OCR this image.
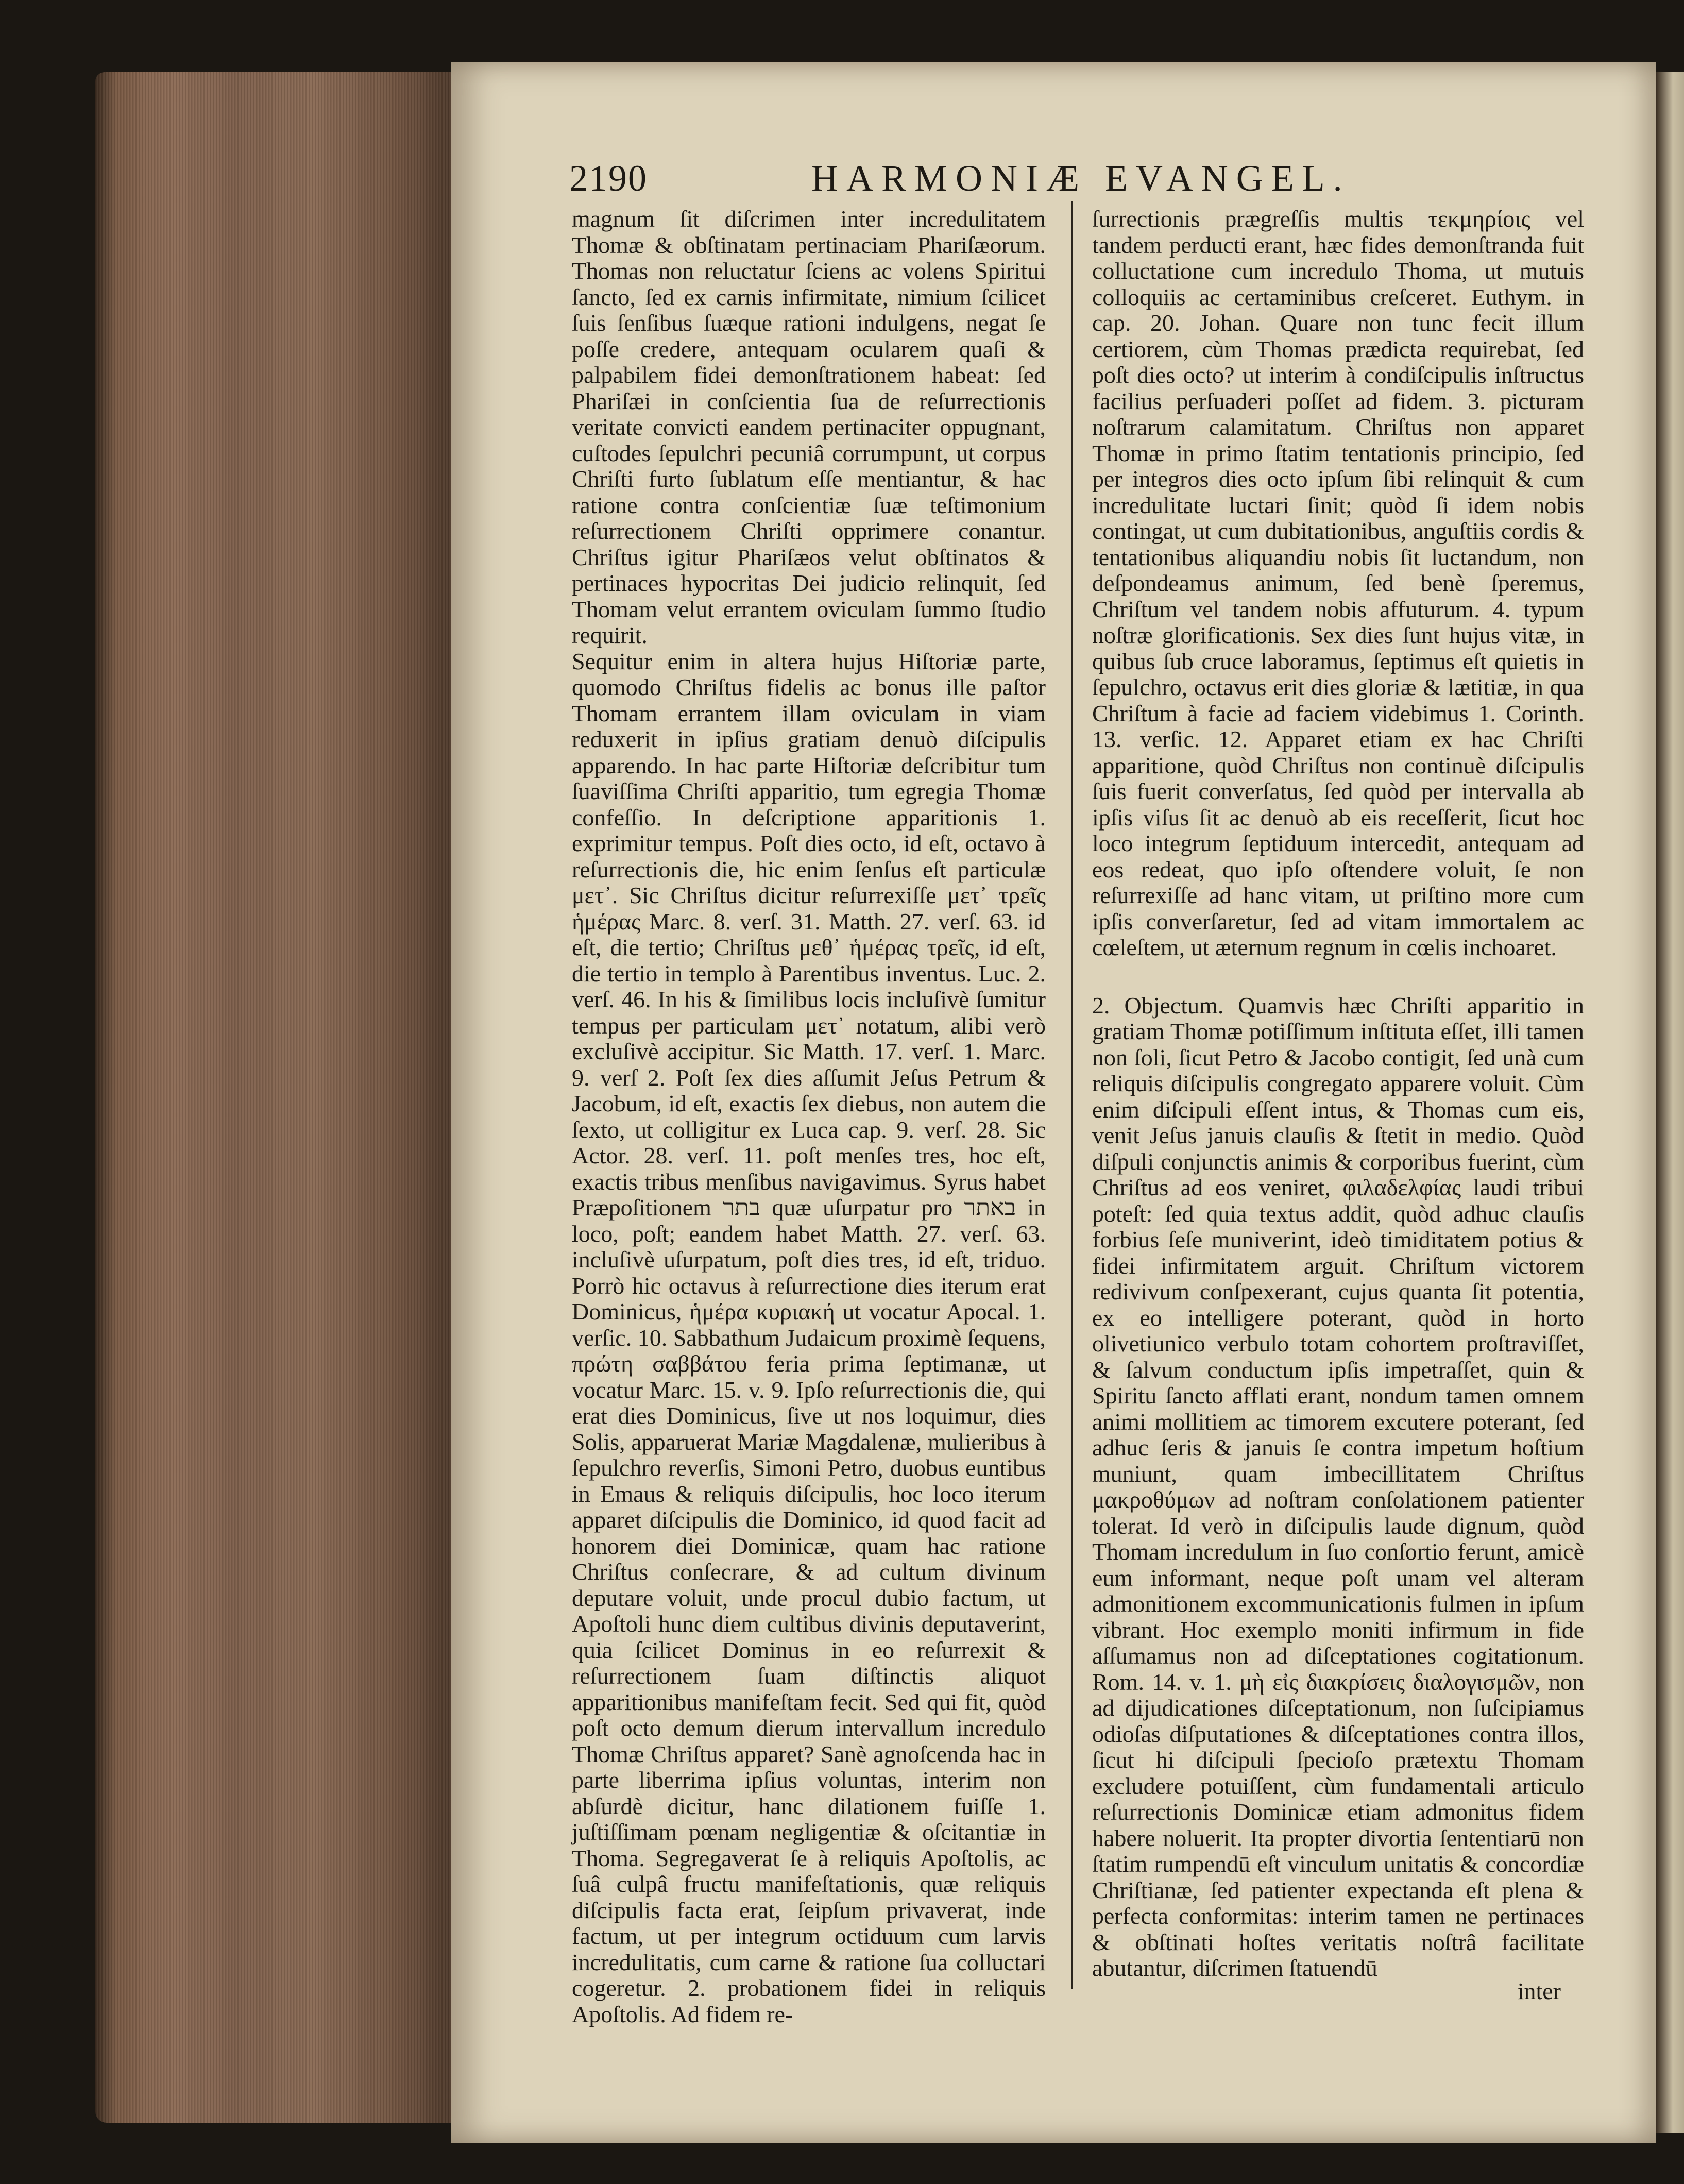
2190	HARMONIÆ EVANGEL.

magnum ſit diſcrimen inter incredulitatem Thomæ & obſtinatam pertinaciam Phariſæorum. Thomas non reluctatur ſciens ac volens Spiritui ſancto, ſed ex carnis infirmitate, nimium ſcilicet ſuis ſenſibus ſuæque rationi indulgens, negat ſe poſſe credere, antequam ocularem quaſi & palpabilem fidei demonſtrationem habeat: ſed Phariſæi in conſcientia ſua de reſurrectionis veritate convicti eandem pertinaciter oppugnant, cuſtodes ſepulchri pecuniâ corrumpunt, ut corpus Chriſti furto ſublatum eſſe mentiantur, & hac ratione contra conſcientiæ ſuæ teſtimonium reſurrectionem Chriſti opprimere conantur. Chriſtus igitur Phariſæos velut obſtinatos & pertinaces hypocritas Dei judicio relinquit, ſed Thomam velut errantem oviculam ſummo ſtudio requirit.

Sequitur enim in altera hujus Hiſtoriæ parte, quomodo Chriſtus fidelis ac bonus ille paſtor Thomam errantem illam oviculam in viam reduxerit in ipſius gratiam denuò diſcipulis apparendo. In hac parte Hiſtoriæ deſcribitur tum ſuaviſſima Chriſti apparitio, tum egregia Thomæ confeſſio. In deſcriptione apparitionis 1. exprimitur tempus. Poſt dies octo, id eſt, octavo à reſurrectionis die, hic enim ſenſus eſt particulæ μετ᾽. Sic Chriſtus dicitur reſurrexiſſe μετ᾽ τρεῖς ἡμέρας Marc. 8. verſ. 31. Matth. 27. verſ. 63. id eſt, die tertio; Chriſtus μεθ᾽ ἡμέρας τρεῖς, id eſt, die tertio in templo à Parentibus inventus. Luc. 2. verſ. 46. In his & ſimilibus locis incluſivè ſumitur tempus per particulam μετ᾽ notatum, alibi verò excluſivè accipitur. Sic Matth. 17. verſ. 1. Marc. 9. verſ 2. Poſt ſex dies aſſumit Jeſus Petrum & Jacobum, id eſt, exactis ſex diebus, non autem die ſexto, ut colligitur ex Luca cap. 9. verſ. 28. Sic Actor. 28. verſ. 11. poſt menſes tres, hoc eſt, exactis tribus menſibus navigavimus. Syrus habet Præpoſitionem בתר quæ uſurpatur pro באתר in loco, poſt; eandem habet Matth. 27. verſ. 63. incluſivè uſurpatum, poſt dies tres, id eſt, triduo. Porrò hic octavus à reſurrectione dies iterum erat Dominicus, ἡμέρα κυριακή ut vocatur Apocal. 1. verſic. 10. Sabbathum Judaicum proximè ſequens, πρώτη σαββάτου feria prima ſeptimanæ, ut vocatur Marc. 15. v. 9. Ipſo reſurrectionis die, qui erat dies Dominicus, ſive ut nos loquimur, dies Solis, apparuerat Mariæ Magdalenæ, mulieribus à ſepulchro reverſis, Simoni Petro, duobus euntibus in Emaus & reliquis diſcipulis, hoc loco iterum apparet diſcipulis die Dominico, id quod facit ad honorem diei Dominicæ, quam hac ratione Chriſtus conſecrare, & ad cultum divinum deputare voluit, unde procul dubio factum, ut Apoſtoli hunc diem cultibus divinis deputaverint, quia ſcilicet Dominus in eo reſurrexit & reſurrectionem ſuam diſtinctis aliquot apparitionibus manifeſtam fecit. Sed qui fit, quòd poſt octo demum dierum intervallum incredulo Thomæ Chriſtus apparet? Sanè agnoſcenda hac in parte liberrima ipſius voluntas, interim non abſurdè dicitur, hanc dilationem fuiſſe 1. juſtiſſimam pœnam negligentiæ & oſcitantiæ in Thoma. Segregaverat ſe à reliquis Apoſtolis, ac ſuâ culpâ fructu manifeſtationis, quæ reliquis diſcipulis facta erat, ſeipſum privaverat, inde factum, ut per integrum octiduum cum larvis incredulitatis, cum carne & ratione ſua colluctari cogeretur. 2. probationem fidei in reliquis Apoſtolis. Ad fidem re-

ſurrectionis prægreſſis multis τεκμηρίοις vel tandem perducti erant, hæc fides demonſtranda fuit colluctatione cum incredulo Thoma, ut mutuis colloquiis ac certaminibus creſceret. Euthym. in cap. 20. Johan. Quare non tunc fecit illum certiorem, cùm Thomas prædicta requirebat, ſed poſt dies octo? ut interim à condiſcipulis inſtructus facilius perſuaderi poſſet ad fidem. 3. picturam noſtrarum calamitatum. Chriſtus non apparet Thomæ in primo ſtatim tentationis principio, ſed per integros dies octo ipſum ſibi relinquit & cum incredulitate luctari ſinit; quòd ſi idem nobis contingat, ut cum dubitationibus, anguſtiis cordis & tentationibus aliquandiu nobis ſit luctandum, non deſpondeamus animum, ſed benè ſperemus, Chriſtum vel tandem nobis affuturum. 4. typum noſtræ glorificationis. Sex dies ſunt hujus vitæ, in quibus ſub cruce laboramus, ſeptimus eſt quietis in ſepulchro, octavus erit dies gloriæ & lætitiæ, in qua Chriſtum à facie ad faciem videbimus 1. Corinth. 13. verſic. 12. Apparet etiam ex hac Chriſti apparitione, quòd Chriſtus non continuè diſcipulis ſuis fuerit converſatus, ſed quòd per intervalla ab ipſis viſus ſit ac denuò ab eis receſſerit, ſicut hoc loco integrum ſeptiduum intercedit, antequam ad eos redeat, quo ipſo oſtendere voluit, ſe non reſurrexiſſe ad hanc vitam, ut priſtino more cum ipſis converſaretur, ſed ad vitam immortalem ac cœleſtem, ut æternum regnum in cœlis inchoaret.

2. Objectum. Quamvis hæc Chriſti apparitio in gratiam Thomæ potiſſimum inſtituta eſſet, illi tamen non ſoli, ſicut Petro & Jacobo contigit, ſed unà cum reliquis diſcipulis congregato apparere voluit. Cùm enim diſcipuli eſſent intus, & Thomas cum eis, venit Jeſus januis clauſis & ſtetit in medio. Quòd diſpuli conjunctis animis & corporibus fuerint, cùm Chriſtus ad eos veniret, φιλαδελφίας laudi tribui poteſt: ſed quia textus addit, quòd adhuc clauſis forbius ſeſe muniverint, ideò timiditatem potius & fidei infirmitatem arguit. Chriſtum victorem redivivum conſpexerant, cujus quanta ſit potentia, ex eo intelligere poterant, quòd in horto olivetiunico verbulo totam cohortem proſtraviſſet, & ſalvum conductum ipſis impetraſſet, quin & Spiritu ſancto afflati erant, nondum tamen omnem animi mollitiem ac timorem excutere poterant, ſed adhuc ſeris & januis ſe contra impetum hoſtium muniunt, quam imbecillitatem Chriſtus μακροθύμων ad noſtram conſolationem patienter tolerat. Id verò in diſcipulis laude dignum, quòd Thomam incredulum in ſuo conſortio ferunt, amicè eum informant, neque poſt unam vel alteram admonitionem excommunicationis fulmen in ipſum vibrant. Hoc exemplo moniti infirmum in fide aſſumamus non ad diſceptationes cogitationum. Rom. 14. v. 1. μὴ εἰς διακρίσεις διαλογισμῶν, non ad dijudicationes diſceptationum, non ſuſcipiamus odioſas diſputationes & diſceptationes contra illos, ſicut hi diſcipuli ſpecioſo prætextu Thomam excludere potuiſſent, cùm fundamentali articulo reſurrectionis Dominicæ etiam admonitus fidem habere noluerit. Ita propter divortia ſententiarū non ſtatim rumpendū eſt vinculum unitatis & concordiæ Chriſtianæ, ſed patienter expectanda eſt plena & perfecta conformitas: interim tamen ne pertinaces & obſtinati hoſtes veritatis noſtrâ facilitate abutantur, diſcrimen ſtatuendū

inter
